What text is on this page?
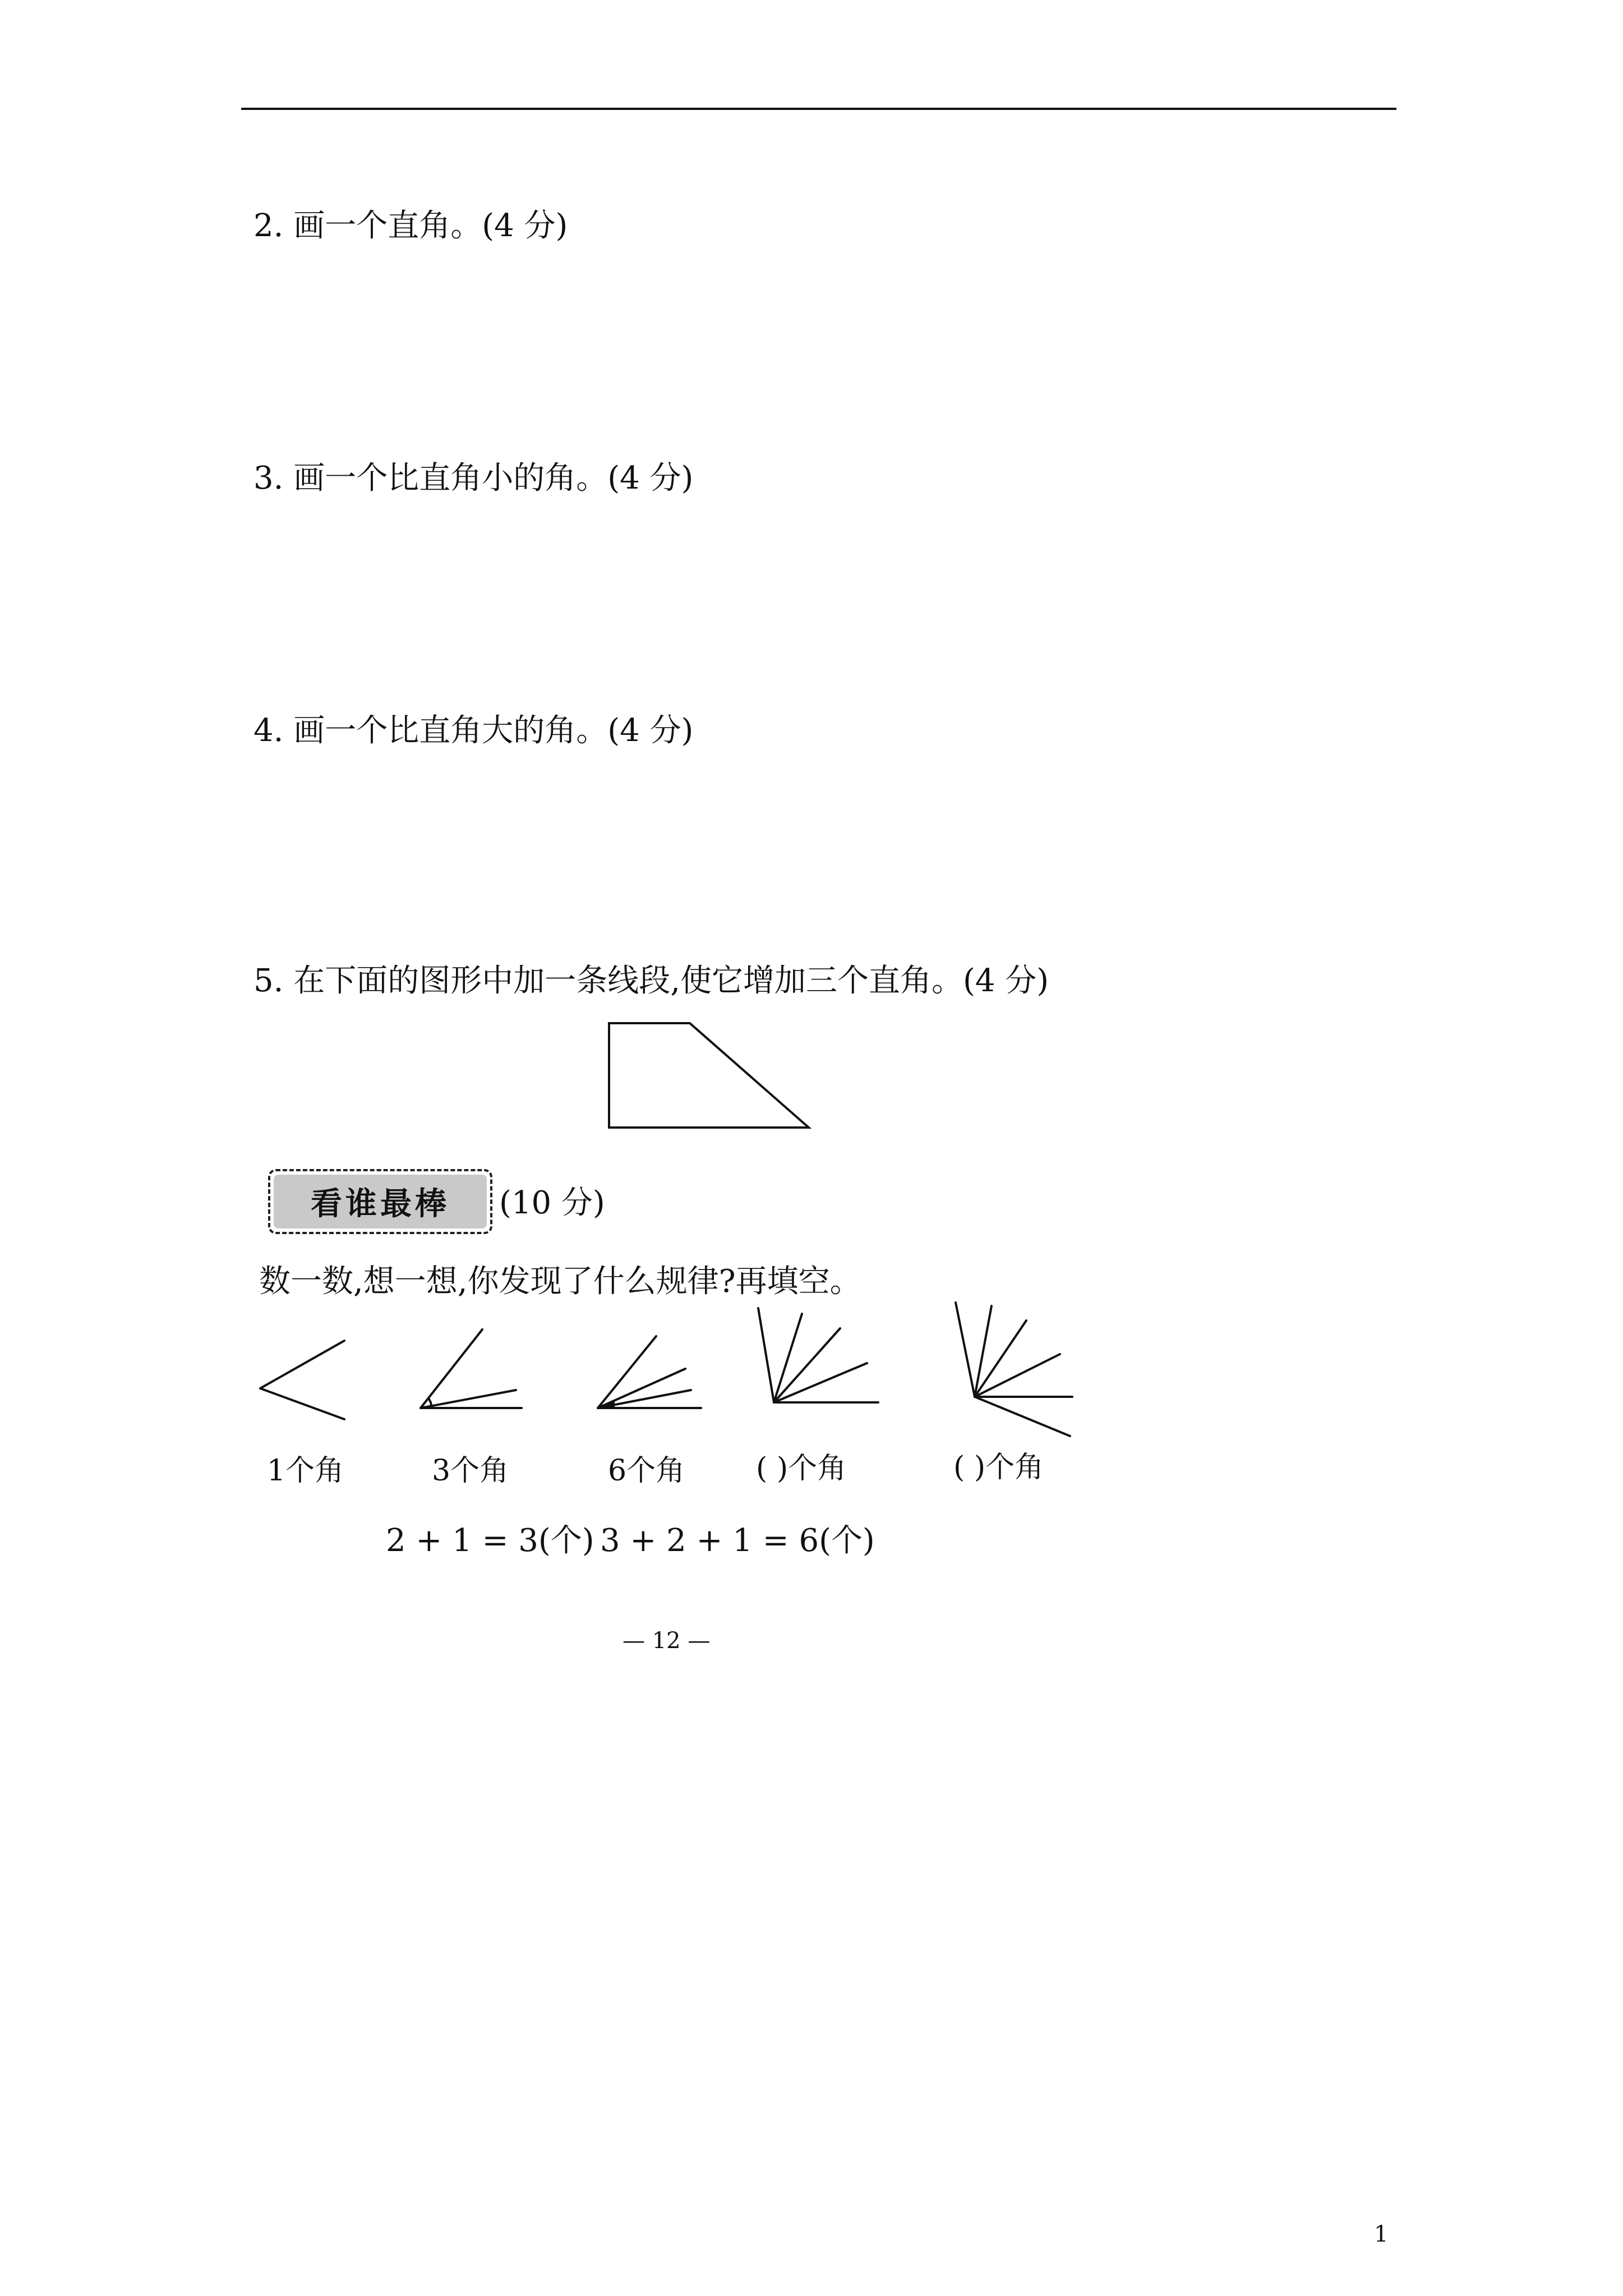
2. 画一个直角。(4 分)
3. 画一个比直角小的角。(4 分)
4. 画一个比直角大的角。(4 分)
5. 在下面的图形中加一条线段,使它增加三个直角。(4 分)
看谁最棒 (10 分)
数一数,想一想,你发现了什么规律?再填空。
1个角	3个角	6个角 ( )个角	( )个角
2 + 1 = 3(个) 3 + 2 + 1 = 6(个)
— 12 —
1
